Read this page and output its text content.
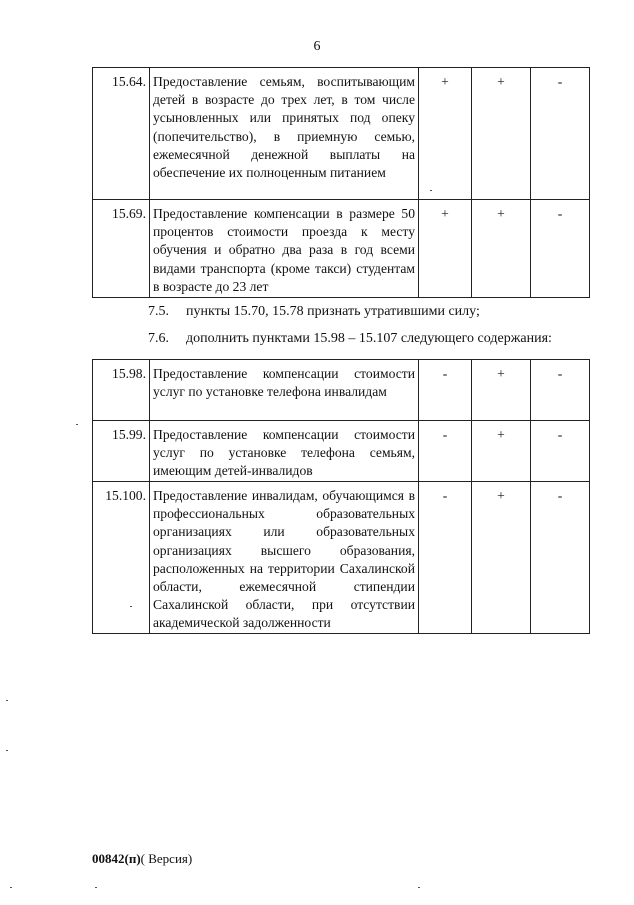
6
15.64.	Предоставление семьям, воспитывающим детей в возрасте до трех лет, в том числе усыновленных или принятых под опеку (попечительство), в приемную семью, ежемесячной денежной выплаты на обеспечение их полноценным питанием	+	+	-
15.69.	Предоставление компенсации в размере 50 процентов стоимости проезда к месту обучения и обратно два раза в год всеми видами транспорта (кроме такси) студентам в возрасте до 23 лет	+	+	-
7.5. пункты 15.70, 15.78 признать утратившими силу;
7.6. дополнить пунктами 15.98 – 15.107 следующего содержания:
15.98.	Предоставление компенсации стоимости услуг по установке телефона инвалидам	-	+	-
15.99.	Предоставление компенсации стоимости услуг по установке телефона семьям, имеющим детей-инвалидов	-	+	-
15.100.	Предоставление инвалидам, обучающимся в профессиональных образовательных организациях или образовательных организациях высшего образования, расположенных на территории Сахалинской области, ежемесячной стипендии Сахалинской области, при отсутствии академической задолженности	-	+	-
00842(п)( Версия)
